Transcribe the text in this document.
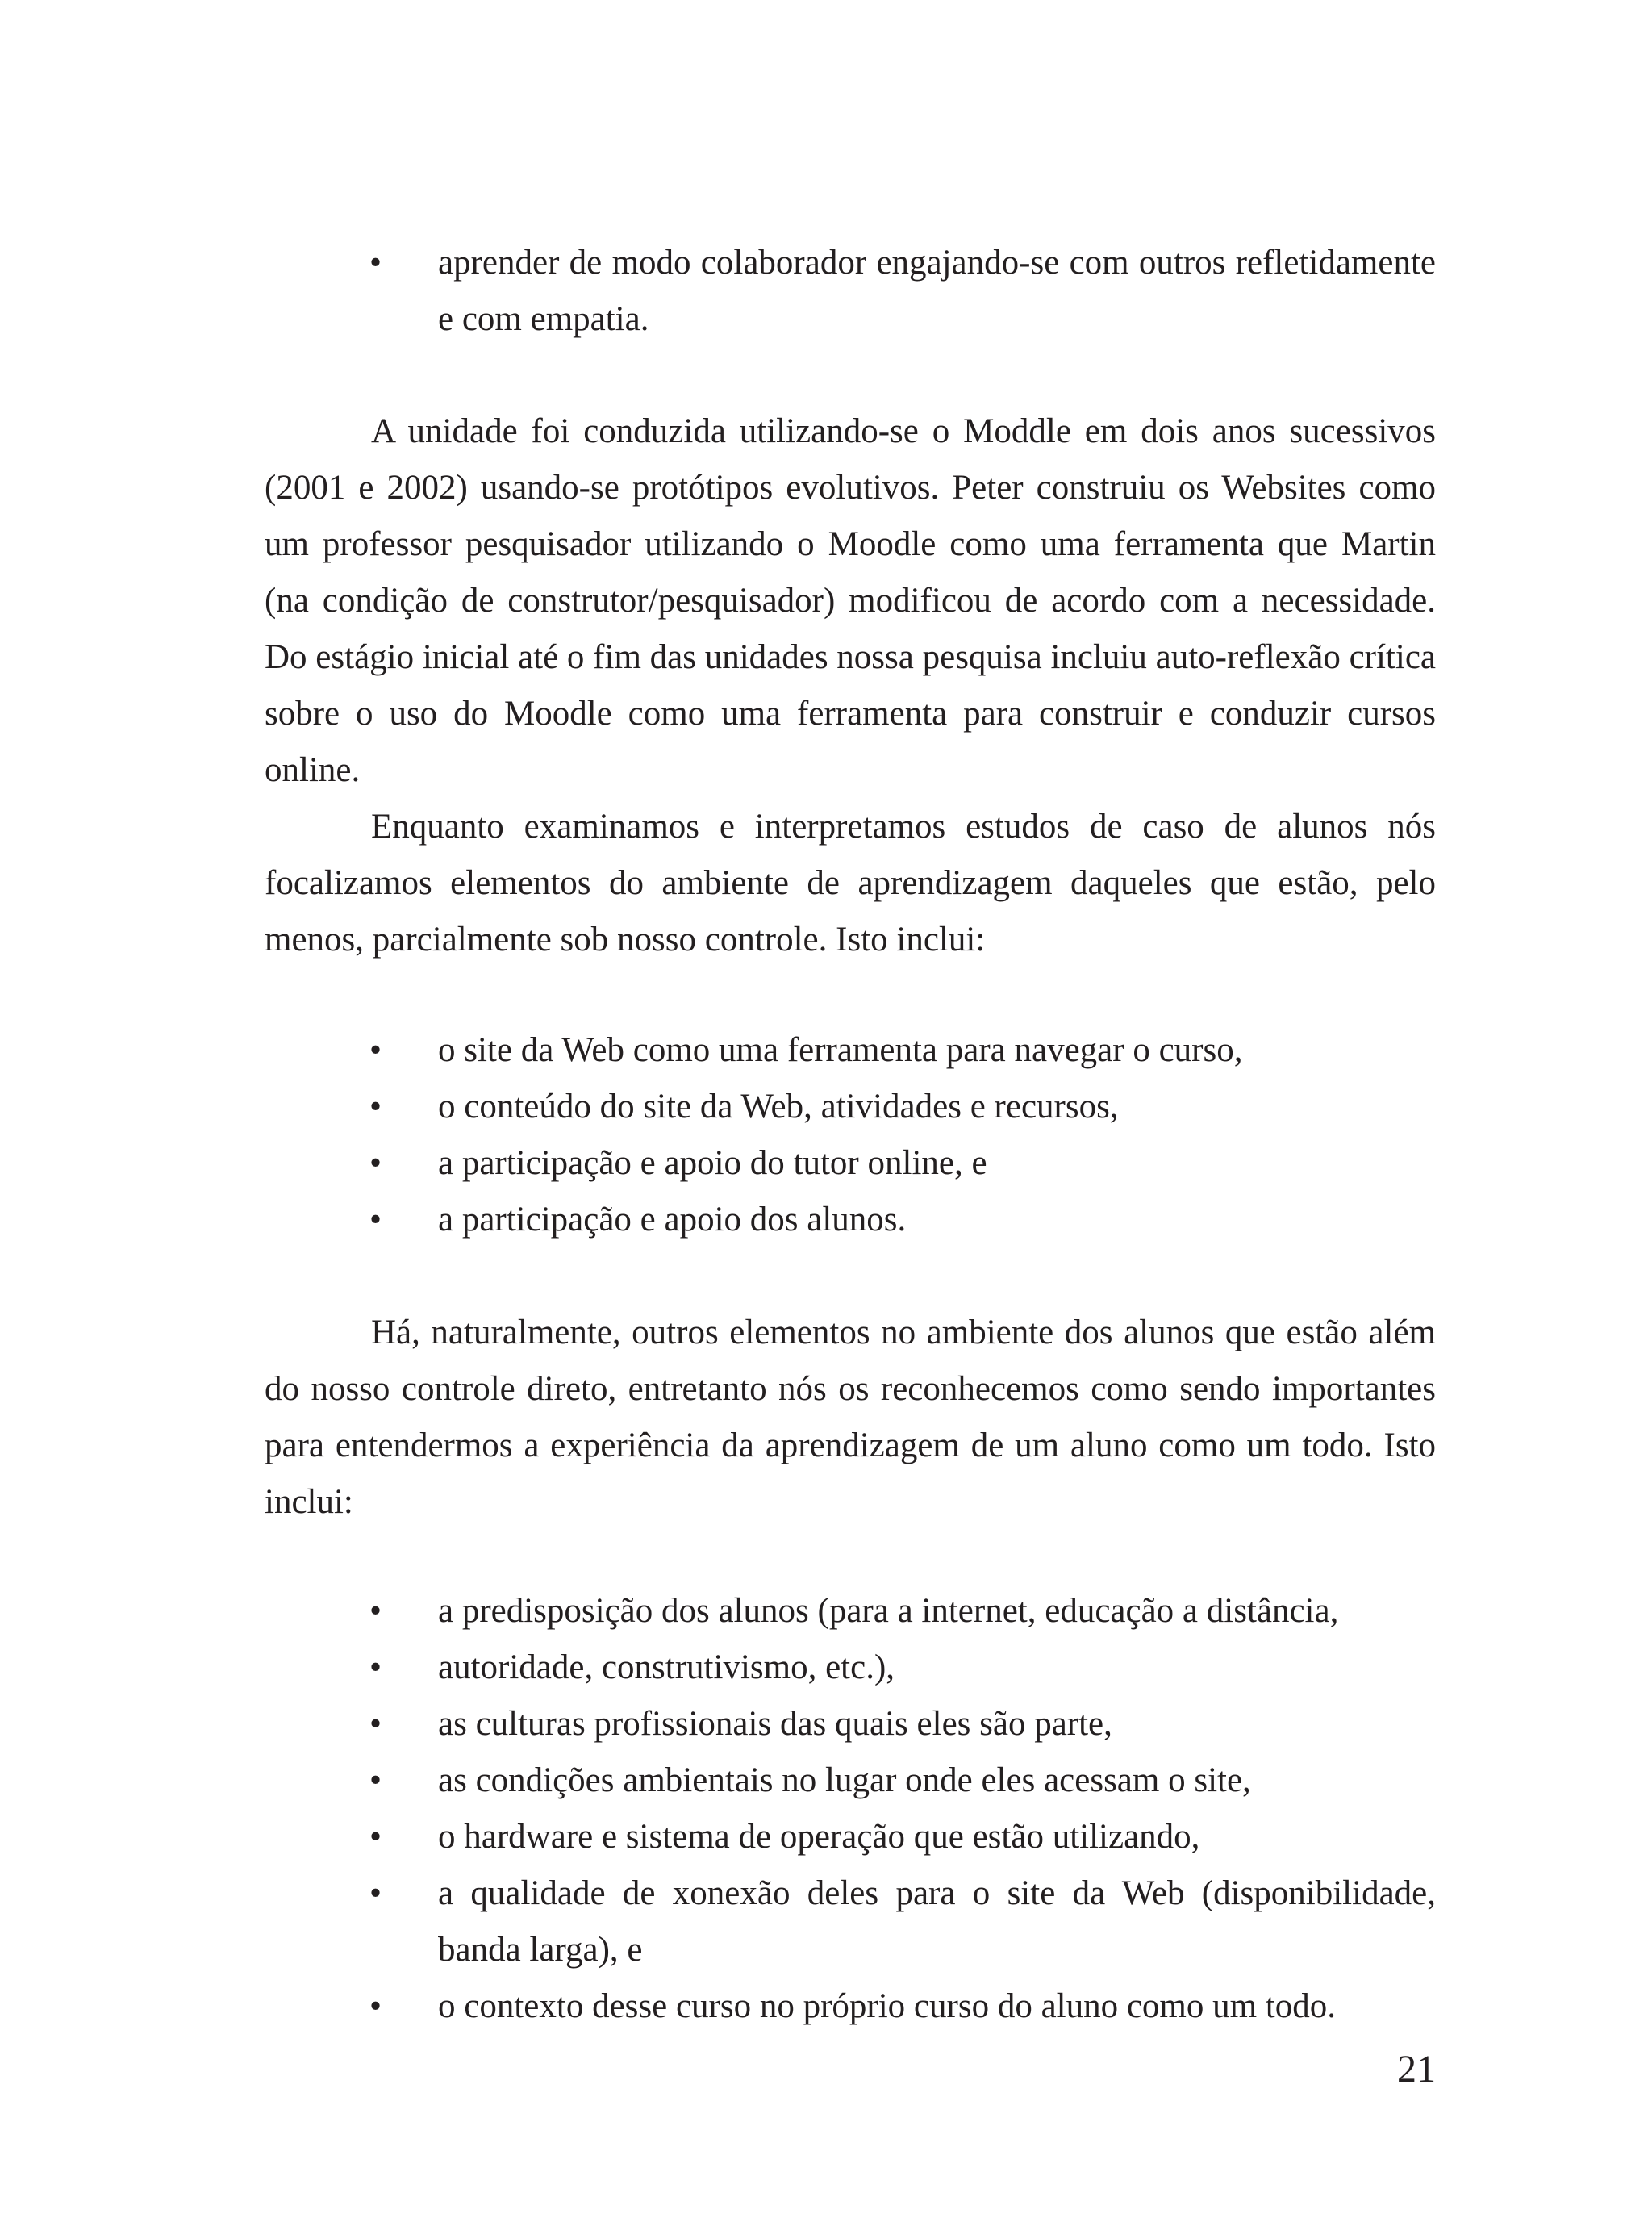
• aprender de modo colaborador engajando-se com outros refletidamente e com empatia.

A unidade foi conduzida utilizando-se o Moddle em dois anos sucessivos (2001 e 2002) usando-se protótipos evolutivos. Peter construiu os Websites como um professor pesquisador utilizando o Moodle como uma ferramenta que Martin (na condição de construtor/pesquisador) modificou de acordo com a necessidade. Do estágio inicial até o fim das unidades nossa pesquisa incluiu auto-reflexão crítica sobre o uso do Moodle como uma ferramenta para construir e conduzir cursos online.

Enquanto examinamos e interpretamos estudos de caso de alunos nós focalizamos elementos do ambiente de aprendizagem daqueles que estão, pelo menos, parcialmente sob nosso controle. Isto inclui:

• o site da Web como uma ferramenta para navegar o curso,
• o conteúdo do site da Web, atividades e recursos,
• a participação e apoio do tutor online, e
• a participação e apoio dos alunos.

Há, naturalmente, outros elementos no ambiente dos alunos que estão além do nosso controle direto, entretanto nós os reconhecemos como sendo importantes para entendermos a experiência da aprendizagem de um aluno como um todo. Isto inclui:

• a predisposição dos alunos (para a internet, educação a distância,
• autoridade, construtivismo, etc.),
• as culturas profissionais das quais eles são parte,
• as condições ambientais no lugar onde eles acessam o site,
• o hardware e sistema de operação que estão utilizando,
• a qualidade de xonexão deles para o site da Web (disponibilidade, banda larga), e
• o contexto desse curso no próprio curso do aluno como um todo.
21
